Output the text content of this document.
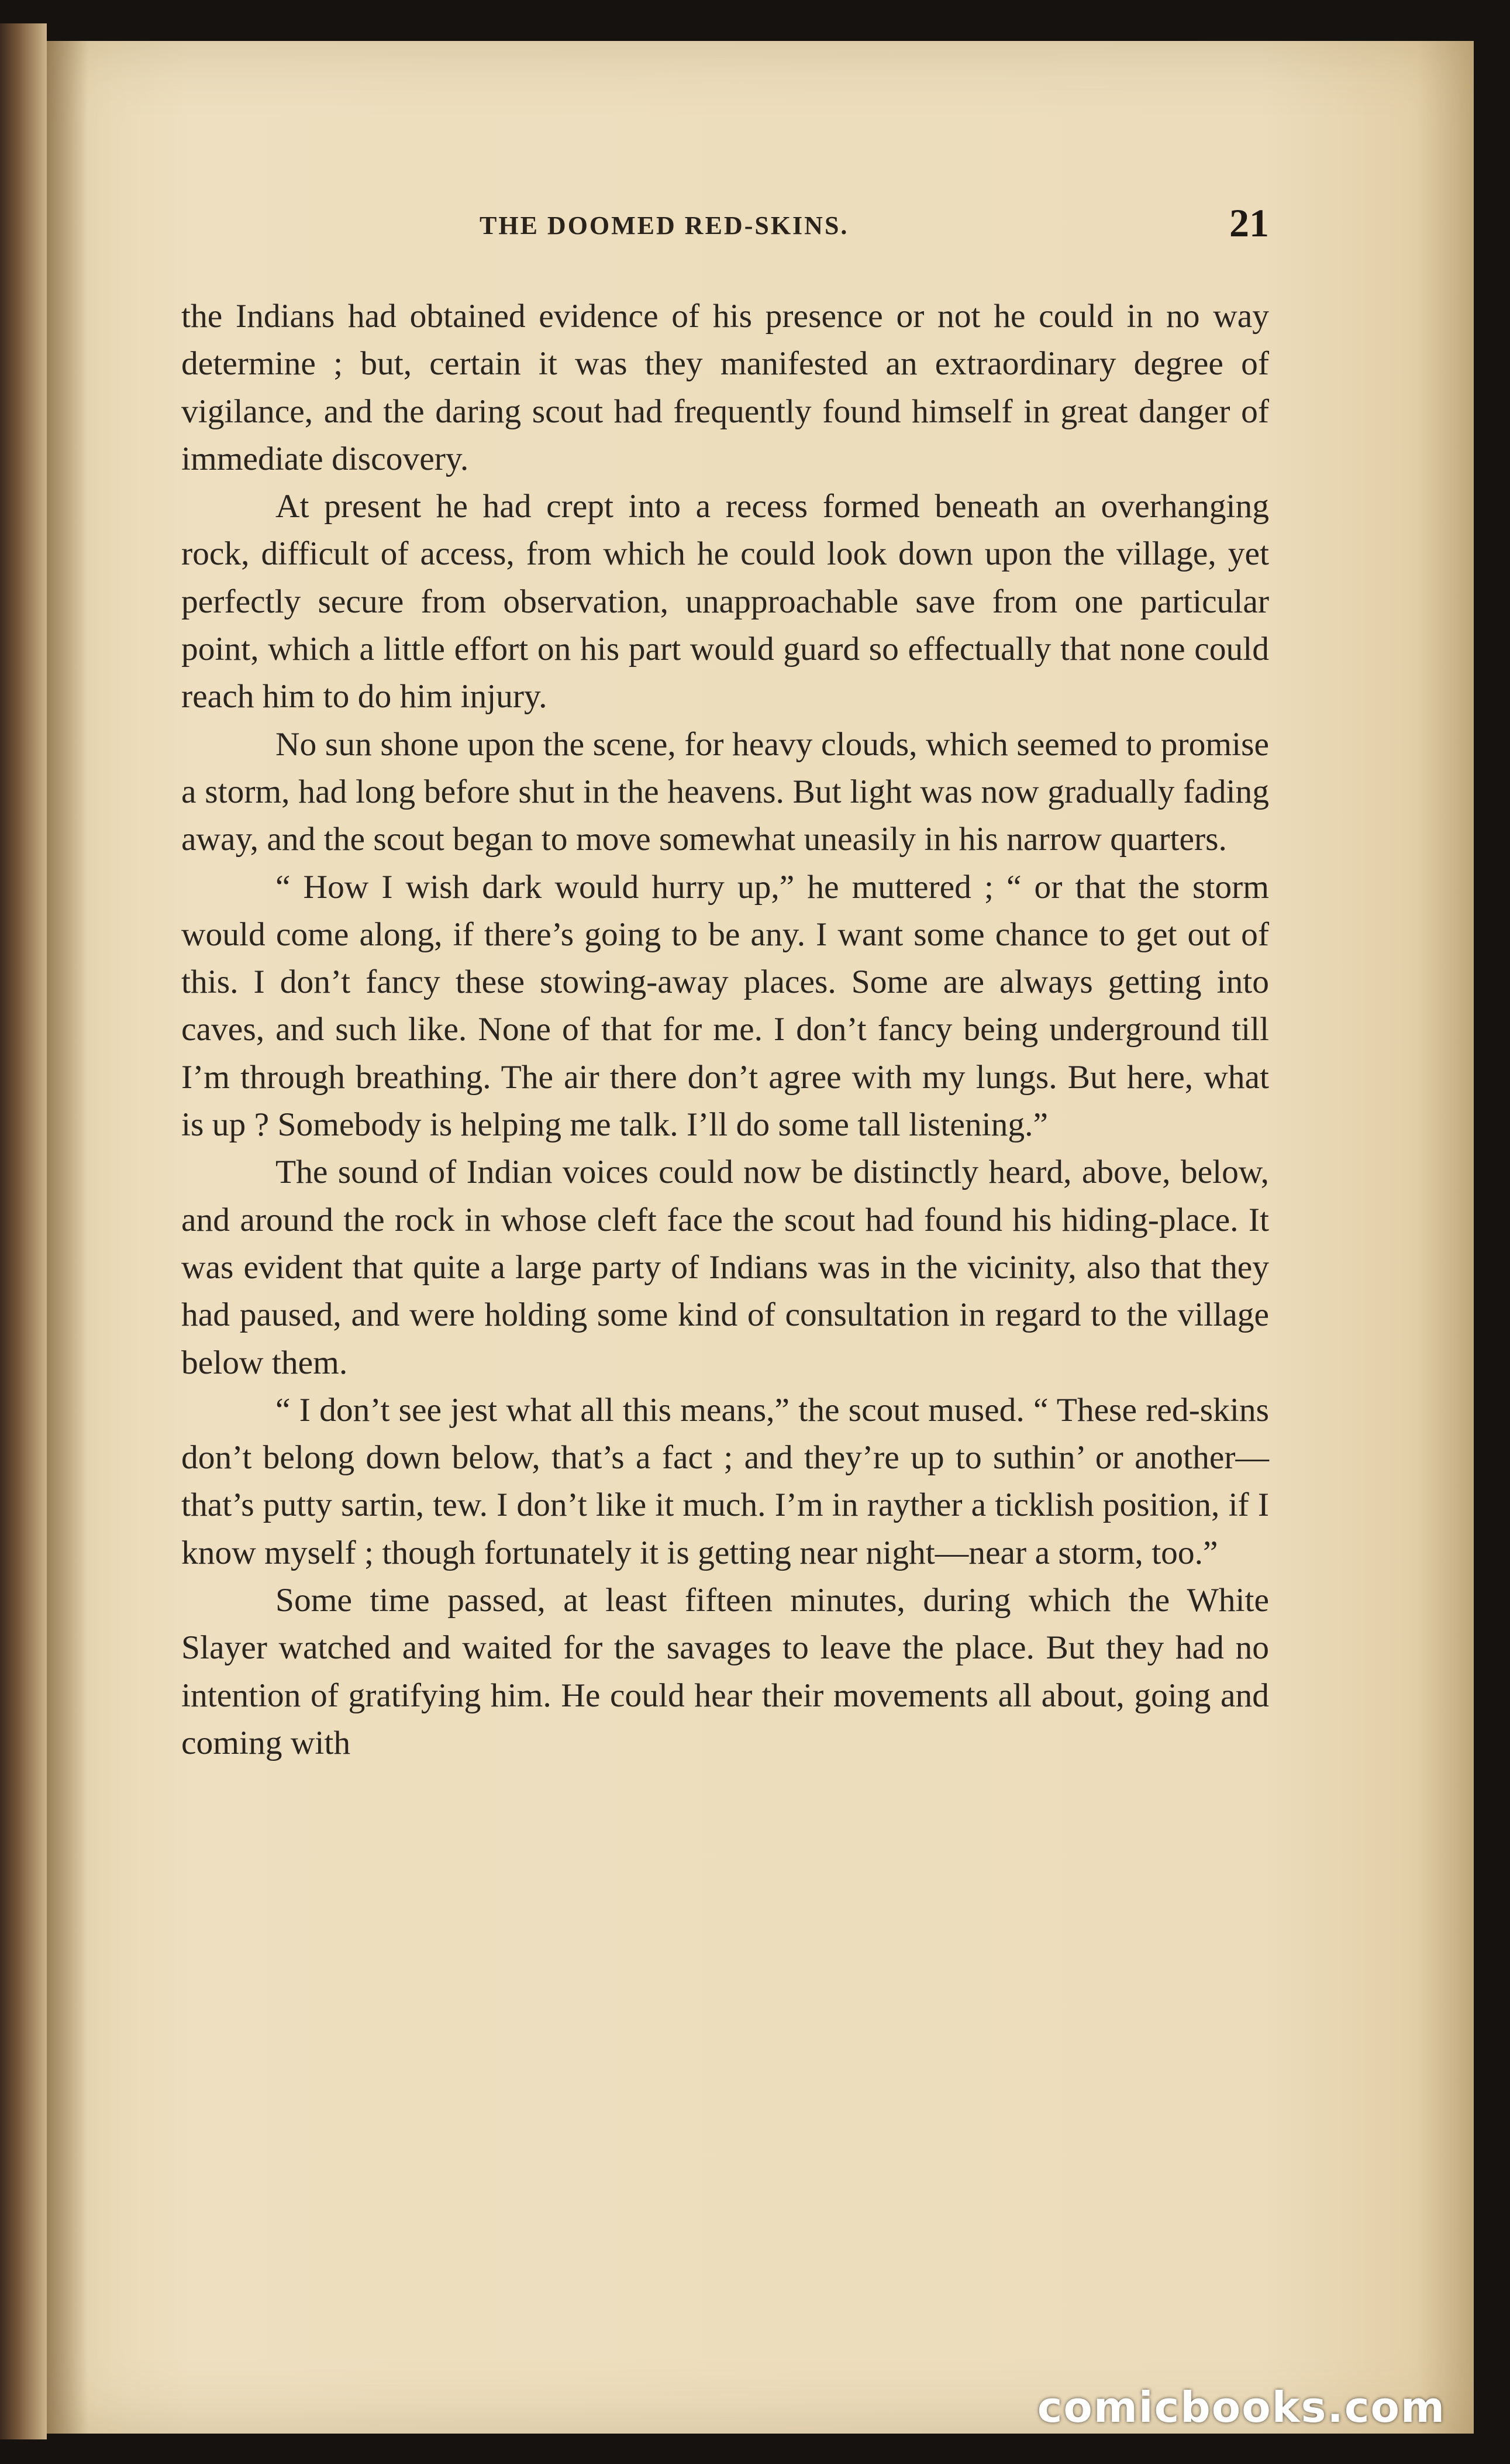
THE DOOMED RED-SKINS.	21

the Indians had obtained evidence of his presence or not he could in no way determine ; but, certain it was they manifested an extraordinary degree of vigilance, and the daring scout had frequently found himself in great danger of immediate discovery.

At present he had crept into a recess formed beneath an overhanging rock, difficult of access, from which he could look down upon the village, yet perfectly secure from observation, unapproachable save from one particular point, which a little effort on his part would guard so effectually that none could reach him to do him injury.

No sun shone upon the scene, for heavy clouds, which seemed to promise a storm, had long before shut in the heavens. But light was now gradually fading away, and the scout began to move somewhat uneasily in his narrow quarters.

“ How I wish dark would hurry up,” he muttered ; “ or that the storm would come along, if there’s going to be any. I want some chance to get out of this. I don’t fancy these stowing-away places. Some are always getting into caves, and such like. None of that for me. I don’t fancy being underground till I’m through breathing. The air there don’t agree with my lungs. But here, what is up ? Somebody is helping me talk. I’ll do some tall listening.”

The sound of Indian voices could now be distinctly heard, above, below, and around the rock in whose cleft face the scout had found his hiding-place. It was evident that quite a large party of Indians was in the vicinity, also that they had paused, and were holding some kind of consultation in regard to the village below them.

“ I don’t see jest what all this means,” the scout mused. “ These red-skins don’t belong down below, that’s a fact ; and they’re up to suthin’ or another—that’s putty sartin, tew. I don’t like it much. I’m in rayther a ticklish position, if I know myself ; though fortunately it is getting near night—near a storm, too.”

Some time passed, at least fifteen minutes, during which the White Slayer watched and waited for the savages to leave the place. But they had no intention of gratifying him. He could hear their movements all about, going and coming with

comicbooks.com
